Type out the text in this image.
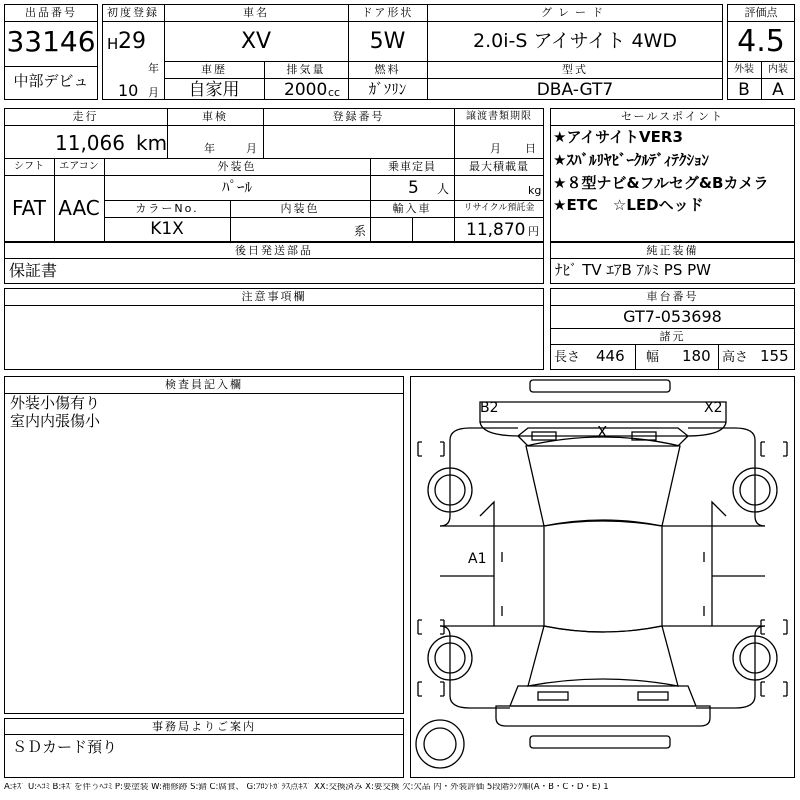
出品番号
33146
中部デビュ
初度登録
H 29
年
10 月
車名
XV
ドア形状
5W
グレード
2.0i-S アイサイト 4WD
車歴
自家用
排気量
2000 cc
燃料
ｶﾞｿﾘﾝ
型式
DBA-GT7
評価点
4.5
外装	内装
B	A
走行
11,066 km
車検
年	月
登録番号	譲渡書類期限
月 日
シフト
FAT
エアコン
AAC
外装色
ﾊﾟｰﾙ
乗車定員
5 人
最大積載量
kg
カラーNo.
K1X
内装色
系
輸入車	リサイクル預託金
11,870 円
セールスポイント
★アイサイトVER3
★ｽﾊﾞﾙﾘﾔﾋﾞｰｸﾙﾃﾞｨﾃｸｼｮﾝ
★８型ナビ&フルセグ&Bカメラ
★ETC　☆LEDヘッド
後日発送部品
保証書
純正装備
ﾅﾋﾞ TV ｴｱB ｱﾙﾐ PS PW
注意事項欄	車台番号
GT7-053698
諸元
長さ 446 幅 180 高さ 155
検査員記入欄
外装小傷有り
室内内張傷小
事務局よりご案内
ＳＤカード預り
B2	X2
X
A1
A:ｷｽﾞ U:ﾍｺﾐ B:ｷｽﾞを伴うﾍｺﾐ P:要塗装 W:補修跡 S:錆 C:腐食、 G:ﾌﾛﾝﾄｶﾞﾗｽ点ｷｽﾞ XX:交換済み X:要交換 欠:欠品 内・外装評価 5段階ﾗﾝｸ順(A・B・C・D・E) 1
